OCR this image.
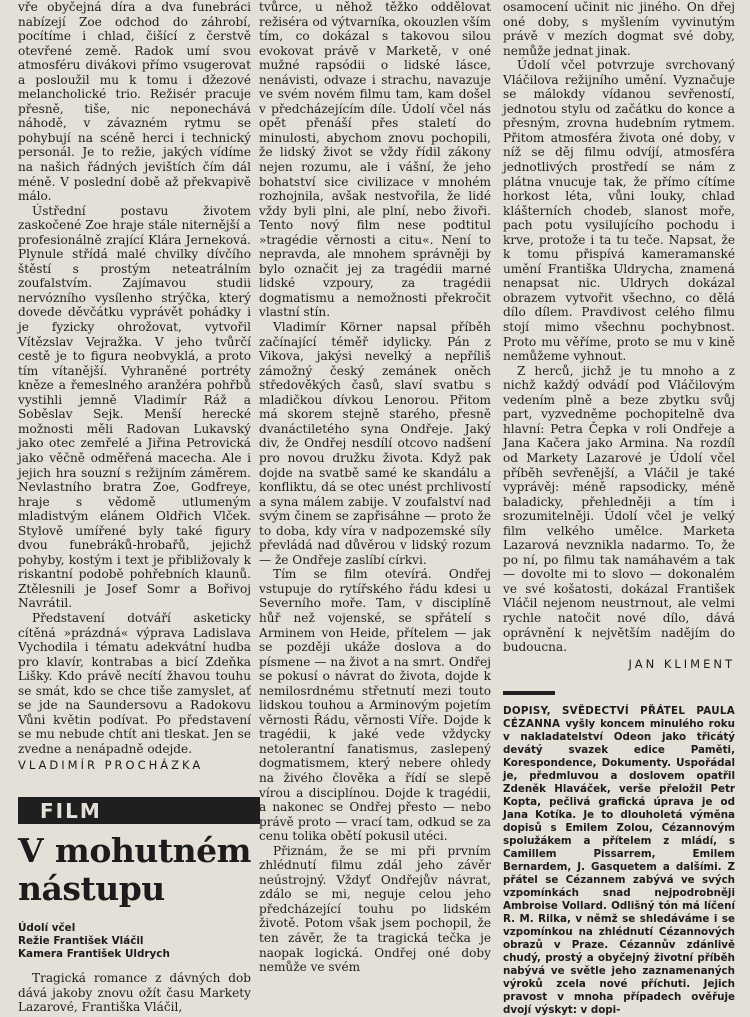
vře obyčejná díra a dva funebráci nabízejí Zoe odchod do záhrobí, pocítíme i chlad, čišící z čerstvě otevřené země. Radok umí svou atmosféru divákovi přímo vsugerovat a posloužil mu k tomu i džezové melancholické trio. Režisér pracuje přesně, tiše, nic neponechává náhodě, v závazném rytmu se pohybují na scéně herci i technický personál. Je to režie, jakých vídíme na našich řádných jevištích čím dál méně. V poslední době až překvapivě málo.

Ústřední postavu životem zaskočené Zoe hraje stále niternější a profesionálně zrající Klára Jerneková. Plynule střídá malé chvilky dívčího štěstí s prostým neteatrálním zoufalstvím. Zajímavou studii nervózního vysílenho strýčka, který dovede děvčátku vyprávět pohádky i je fyzicky ohrožovat, vytvořil Vítězslav Vejražka. V jeho tvůrčí cestě je to figura neobvyklá, a proto tím vítanější. Vyhraněné portréty kněze a řemeslného aranžéra pohřbů vystihli jemně Vladimír Ráž a Soběslav Sejk. Menší herecké možnosti měli Radovan Lukavský jako otec zemřelé a Jiřina Petrovická jako věčně odměřená macecha. Ale i jejich hra souzní s režijním záměrem. Nevlastního bratra Zoe, Godfreye, hraje s vědomě utlumeným mladistvým elánem Oldřich Vlček. Stylově umířené byly také figury dvou funebráků-hrobařů, jejichž pohyby, kostým i text je přibližovaly k riskantní podobě pohřebních klaunů. Ztělesnili je Josef Somr a Bořivoj Navrátil.

Představení dotváří asketicky cítěná »prázdná« výprava Ladislava Vychodila i tématu adekvátní hudba pro klavír, kontrabas a bicí Zdeňka Lišky. Kdo právě necítí žhavou touhu se smát, kdo se chce tiše zamyslet, ať se jde na Saundersovu a Radokovu Vůni květin podívat. Po představení se mu nebude chtít ani tleskat. Jen se zvedne a nenápadně odejde.

VLADIMÍR PROCHÁZKA
FILM
V mohutném nástupu
Údolí včel
Režie František Vláčil
Kamera František Uldrych

Tragická romance z dávných dob dává jakoby znovu ožít času Markety Lazarové, Františka Vláčil,

tvůrce, u něhož těžko oddělovat režiséra od výtvarníka, okouzlen vším tím, co dokázal s takovou silou evokovat právě v Marketě, v oné mužné rapsódii o lidské lásce, nenávisti, odvaze i strachu, navazuje ve svém novém filmu tam, kam došel v předcházejícím díle. Údolí včel nás opět přenáší přes staletí do minulosti, abychom znovu pochopili, že lidský život se vždy řídil zákony nejen rozumu, ale i vášní, že jeho bohatství sice civilizace v mnohém rozhojnila, avšak nestvořila, že lidé vždy byli plni, ale plní, nebo živoři. Tento nový film nese podtitul »tragédie věrnosti a citu«. Není to nepravda, ale mnohem správněji by bylo označit jej za tragédii marné lidské vzpoury, za tragédii dogmatismu a nemožnosti překročit vlastní stín.

Vladimír Körner napsal příběh začínající téměř idylicky. Pán z Vikova, jakýsi nevelký a nepříliš zámožný český zemánek oněch středověkých časů, slaví svatbu s mladičkou dívkou Lenorou. Přitom má skorem stejně starého, přesně dvanáctiletého syna Ondřeje. Jaký div, že Ondřej nesdílí otcovo nadšení pro novou družku života. Když pak dojde na svatbě samé ke skandálu a konfliktu, dá se otec unést prchlivostí a syna málem zabije. V zoufalství nad svým činem se zapřisáhne — proto že to doba, kdy víra v nadpozemské síly převládá nad důvěrou v lidský rozum — že Ondřeje zaslíbí církvi.

Tím se film otevírá. Ondřej vstupuje do rytířského řádu kdesi u Severního moře. Tam, v disciplíně hůř než vojenské, se spřátelí s Arminem von Heide, přítelem — jak se později ukáže doslova a do písmene — na život a na smrt. Ondřej se pokusí o návrat do života, dojde k nemilosrdnému střetnutí mezi touto lidskou touhou a Arminovým pojetím věrnosti Řádu, věrnosti Víře. Dojde k tragédii, k jaké vede vždycky netolerantní fanatismus, zaslepený dogmatismem, který nebere ohledy na živého člověka a řídí se slepě vírou a disciplínou. Dojde k tragédii, a nakonec se Ondřej přesto — nebo právě proto — vrací tam, odkud se za cenu tolika obětí pokusil utéci.

Přiznám, že se mi při prvním zhlédnutí filmu zdál jeho závěr neústrojný. Vždyť Ondřejův návrat, zdálo se mi, neguje celou jeho předcházející touhu po lidském životě. Potom však jsem pochopil, že ten závěr, že ta tragická tečka je naopak logická. Ondřej oné doby nemůže ve svém

osamocení učinit nic jiného. On dřej oné doby, s myšlením vyvinutým právě v mezích dogmat své doby, nemůže jednat jinak.

Údolí včel potvrzuje svrchovaný Vláčilova režijního umění. Vyznačuje se málokdy vídanou sevřeností, jednotou stylu od začátku do konce a přesným, zrovna hudebním rytmem. Přitom atmosféra života oné doby, v níž se děj filmu odvíjí, atmosféra jednotlivých prostředí se nám z plátna vnucuje tak, že přímo cítíme horkost léta, vůni louky, chlad klášterních chodeb, slanost moře, pach potu vysilujícího pochodu i krve, protože i ta tu teče. Napsat, že k tomu přispívá kameramanské umění Františka Uldrycha, znamená nenapsat nic. Uldrych dokázal obrazem vytvořit všechno, co dělá dílo dílem. Pravdivost celého filmu stojí mimo všechnu pochybnost. Proto mu věříme, proto se mu v kině nemůžeme vyhnout.

Z herců, jichž je tu mnoho a z nichž každý odvádí pod Vláčilovým vedením plně a beze zbytku svůj part, vyzvedněme pochopitelně dva hlavní: Petra Čepka v roli Ondřeje a Jana Kačera jako Armina. Na rozdíl od Markety Lazarové je Údolí včel příběh sevřenější, a Vláčil je také vyprávěj: méně rapsodicky, méně baladicky, přehledněji a tím i srozumitelněji. Údolí včel je velký film velkého umělce. Marketa Lazarová nevznikla nadarmo. To, že po ní, po filmu tak namáhavém a tak — dovolte mi to slovo — dokonalém ve své košatosti, dokázal František Vláčil nejenom neustrnout, ale velmi rychle natočit nové dílo, dává oprávnění k největším nadějím do budoucna.

JAN KLIMENT
DOPISY, SVĚDECTVÍ PŘÁTEL PAULA CÉZANNA vyšly koncem minulého roku v nakladatelství Odeon jako třicátý devátý svazek edice Paměti, Korespondence, Dokumenty. Uspořádal je, předmluvou a doslovem opatřil Zdeněk Hlaváček, verše přeložil Petr Kopta, pečlivá grafická úprava je od Jana Kotíka. Je to dlouholetá výměna dopisů s Emilem Zolou, Cézannovým spolužákem a přítelem z mládí, s Camillem Pissarrem, Emilem Bernardem, J. Gasquetem a dalšími. Z přátel se Cézannem zabývá ve svých vzpomínkách snad nejpodrobněji Ambroise Vollard. Odlišný tón má líčení R. M. Rilka, v němž se shledáváme i se vzpomínkou na zhlédnutí Cézannových obrazů v Praze. Cézannův zdánlivě chudý, prostý a obyčejný životní příběh nabývá ve světle jeho zaznamenaných výroků zcela nové příchuti. Jejich pravost v mnoha případech ověřuje dvojí výskyt: v dopi-
